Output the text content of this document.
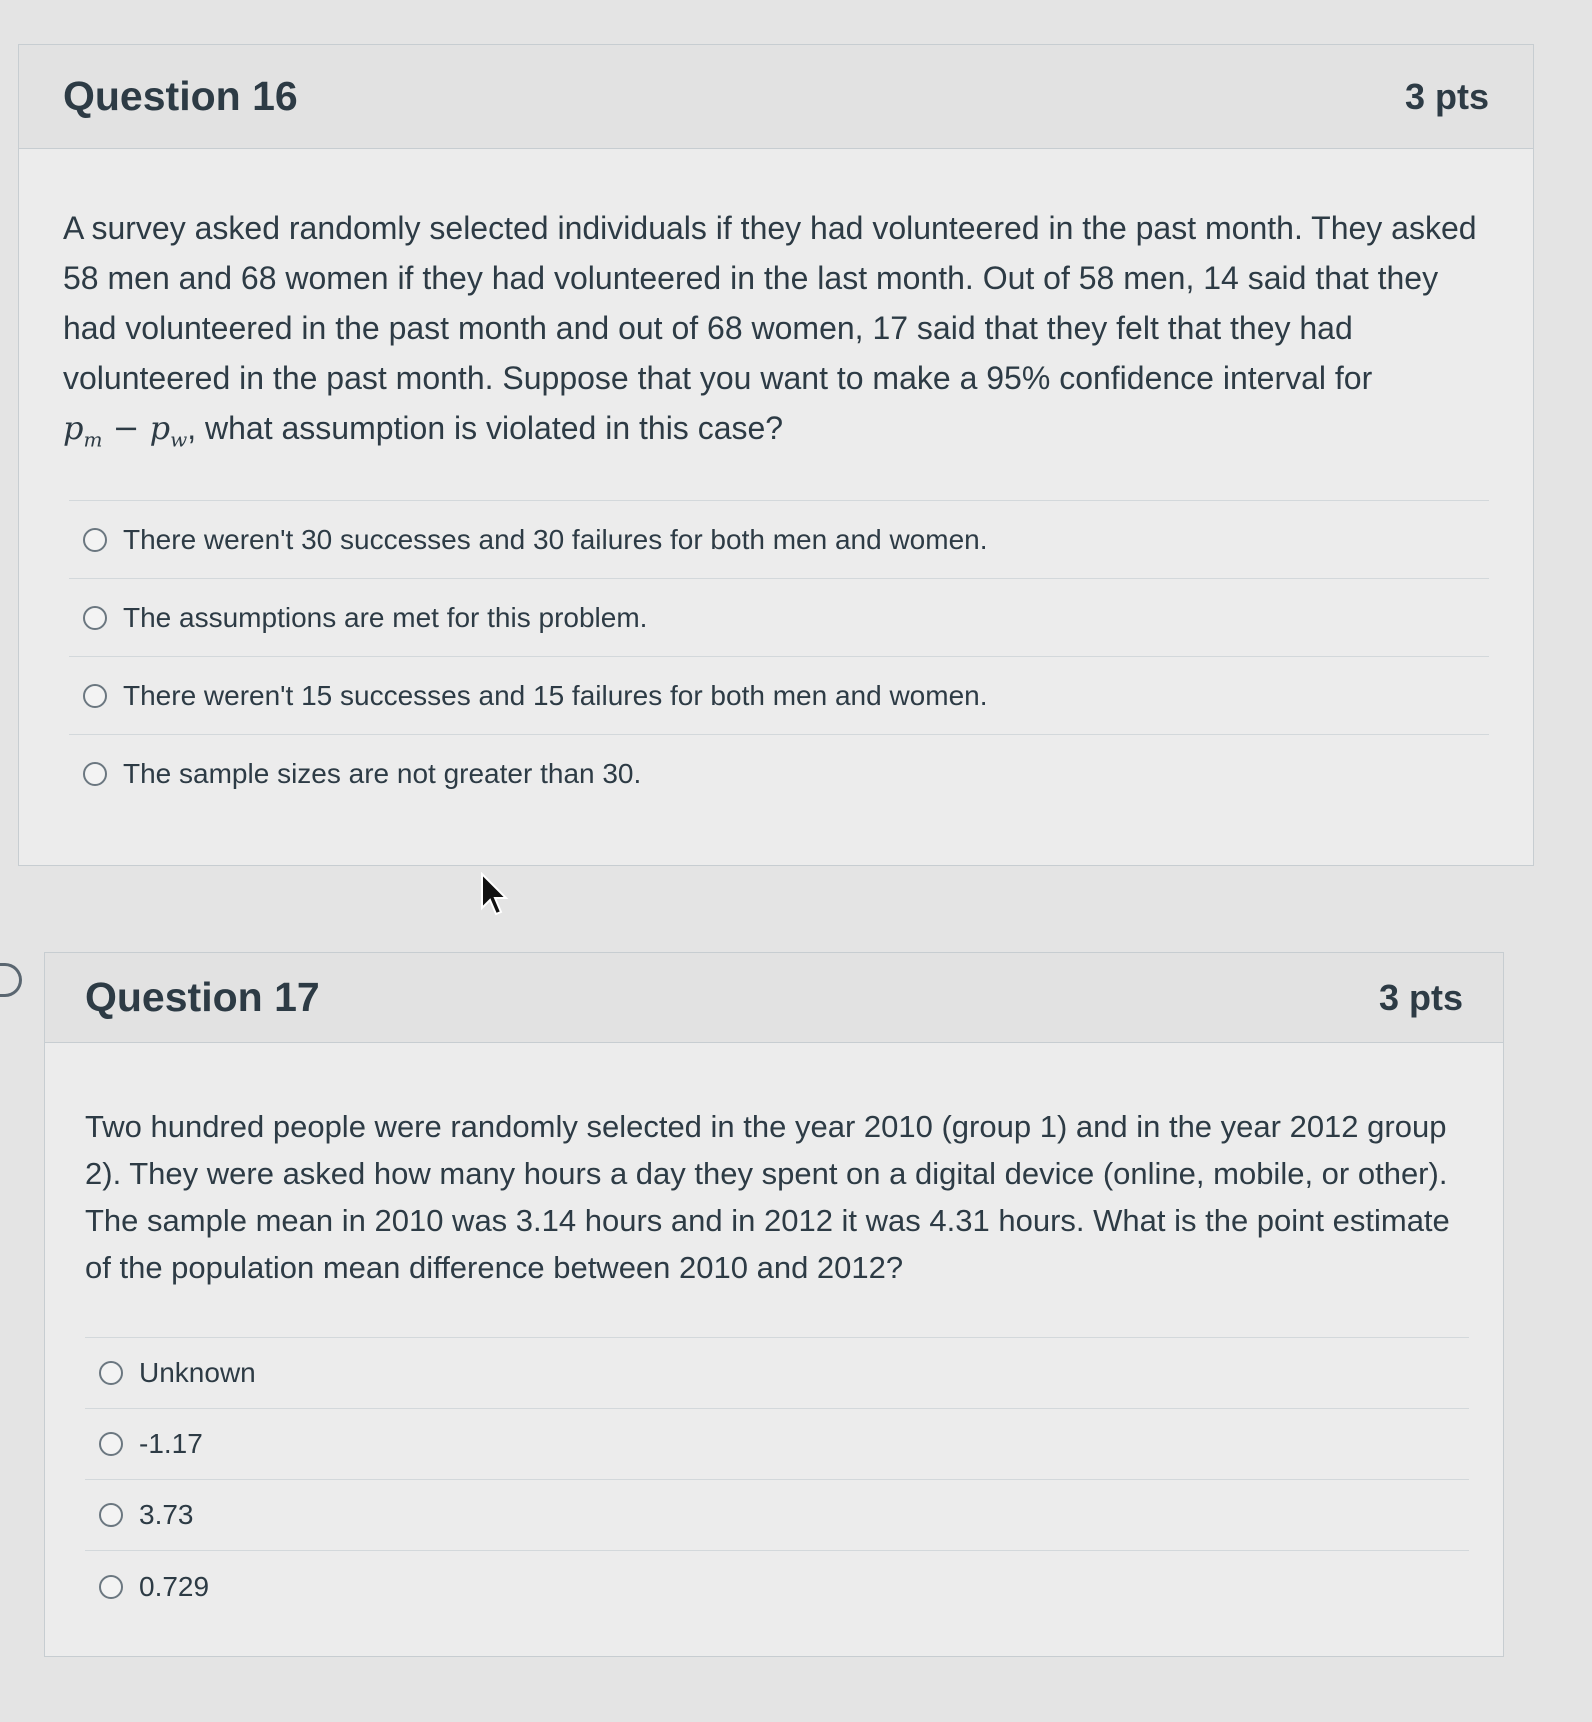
Question 16	3 pts
A survey asked randomly selected individuals if they had volunteered in the past month. They asked 58 men and 68 women if they had volunteered in the last month. Out of 58 men, 14 said that they had volunteered in the past month and out of 68 women, 17 said that they felt that they had volunteered in the past month. Suppose that you want to make a 95% confidence interval for
$p_m - p_w$, what assumption is violated in this case?
There weren't 30 successes and 30 failures for both men and women.
The assumptions are met for this problem.
There weren't 15 successes and 15 failures for both men and women.
The sample sizes are not greater than 30.
Question 17	3 pts
Two hundred people were randomly selected in the year 2010 (group 1) and in the year 2012 group 2). They were asked how many hours a day they spent on a digital device (online, mobile, or other). The sample mean in 2010 was 3.14 hours and in 2012 it was 4.31 hours. What is the point estimate of the population mean difference between 2010 and 2012?
Unknown
-1.17
3.73
0.729
